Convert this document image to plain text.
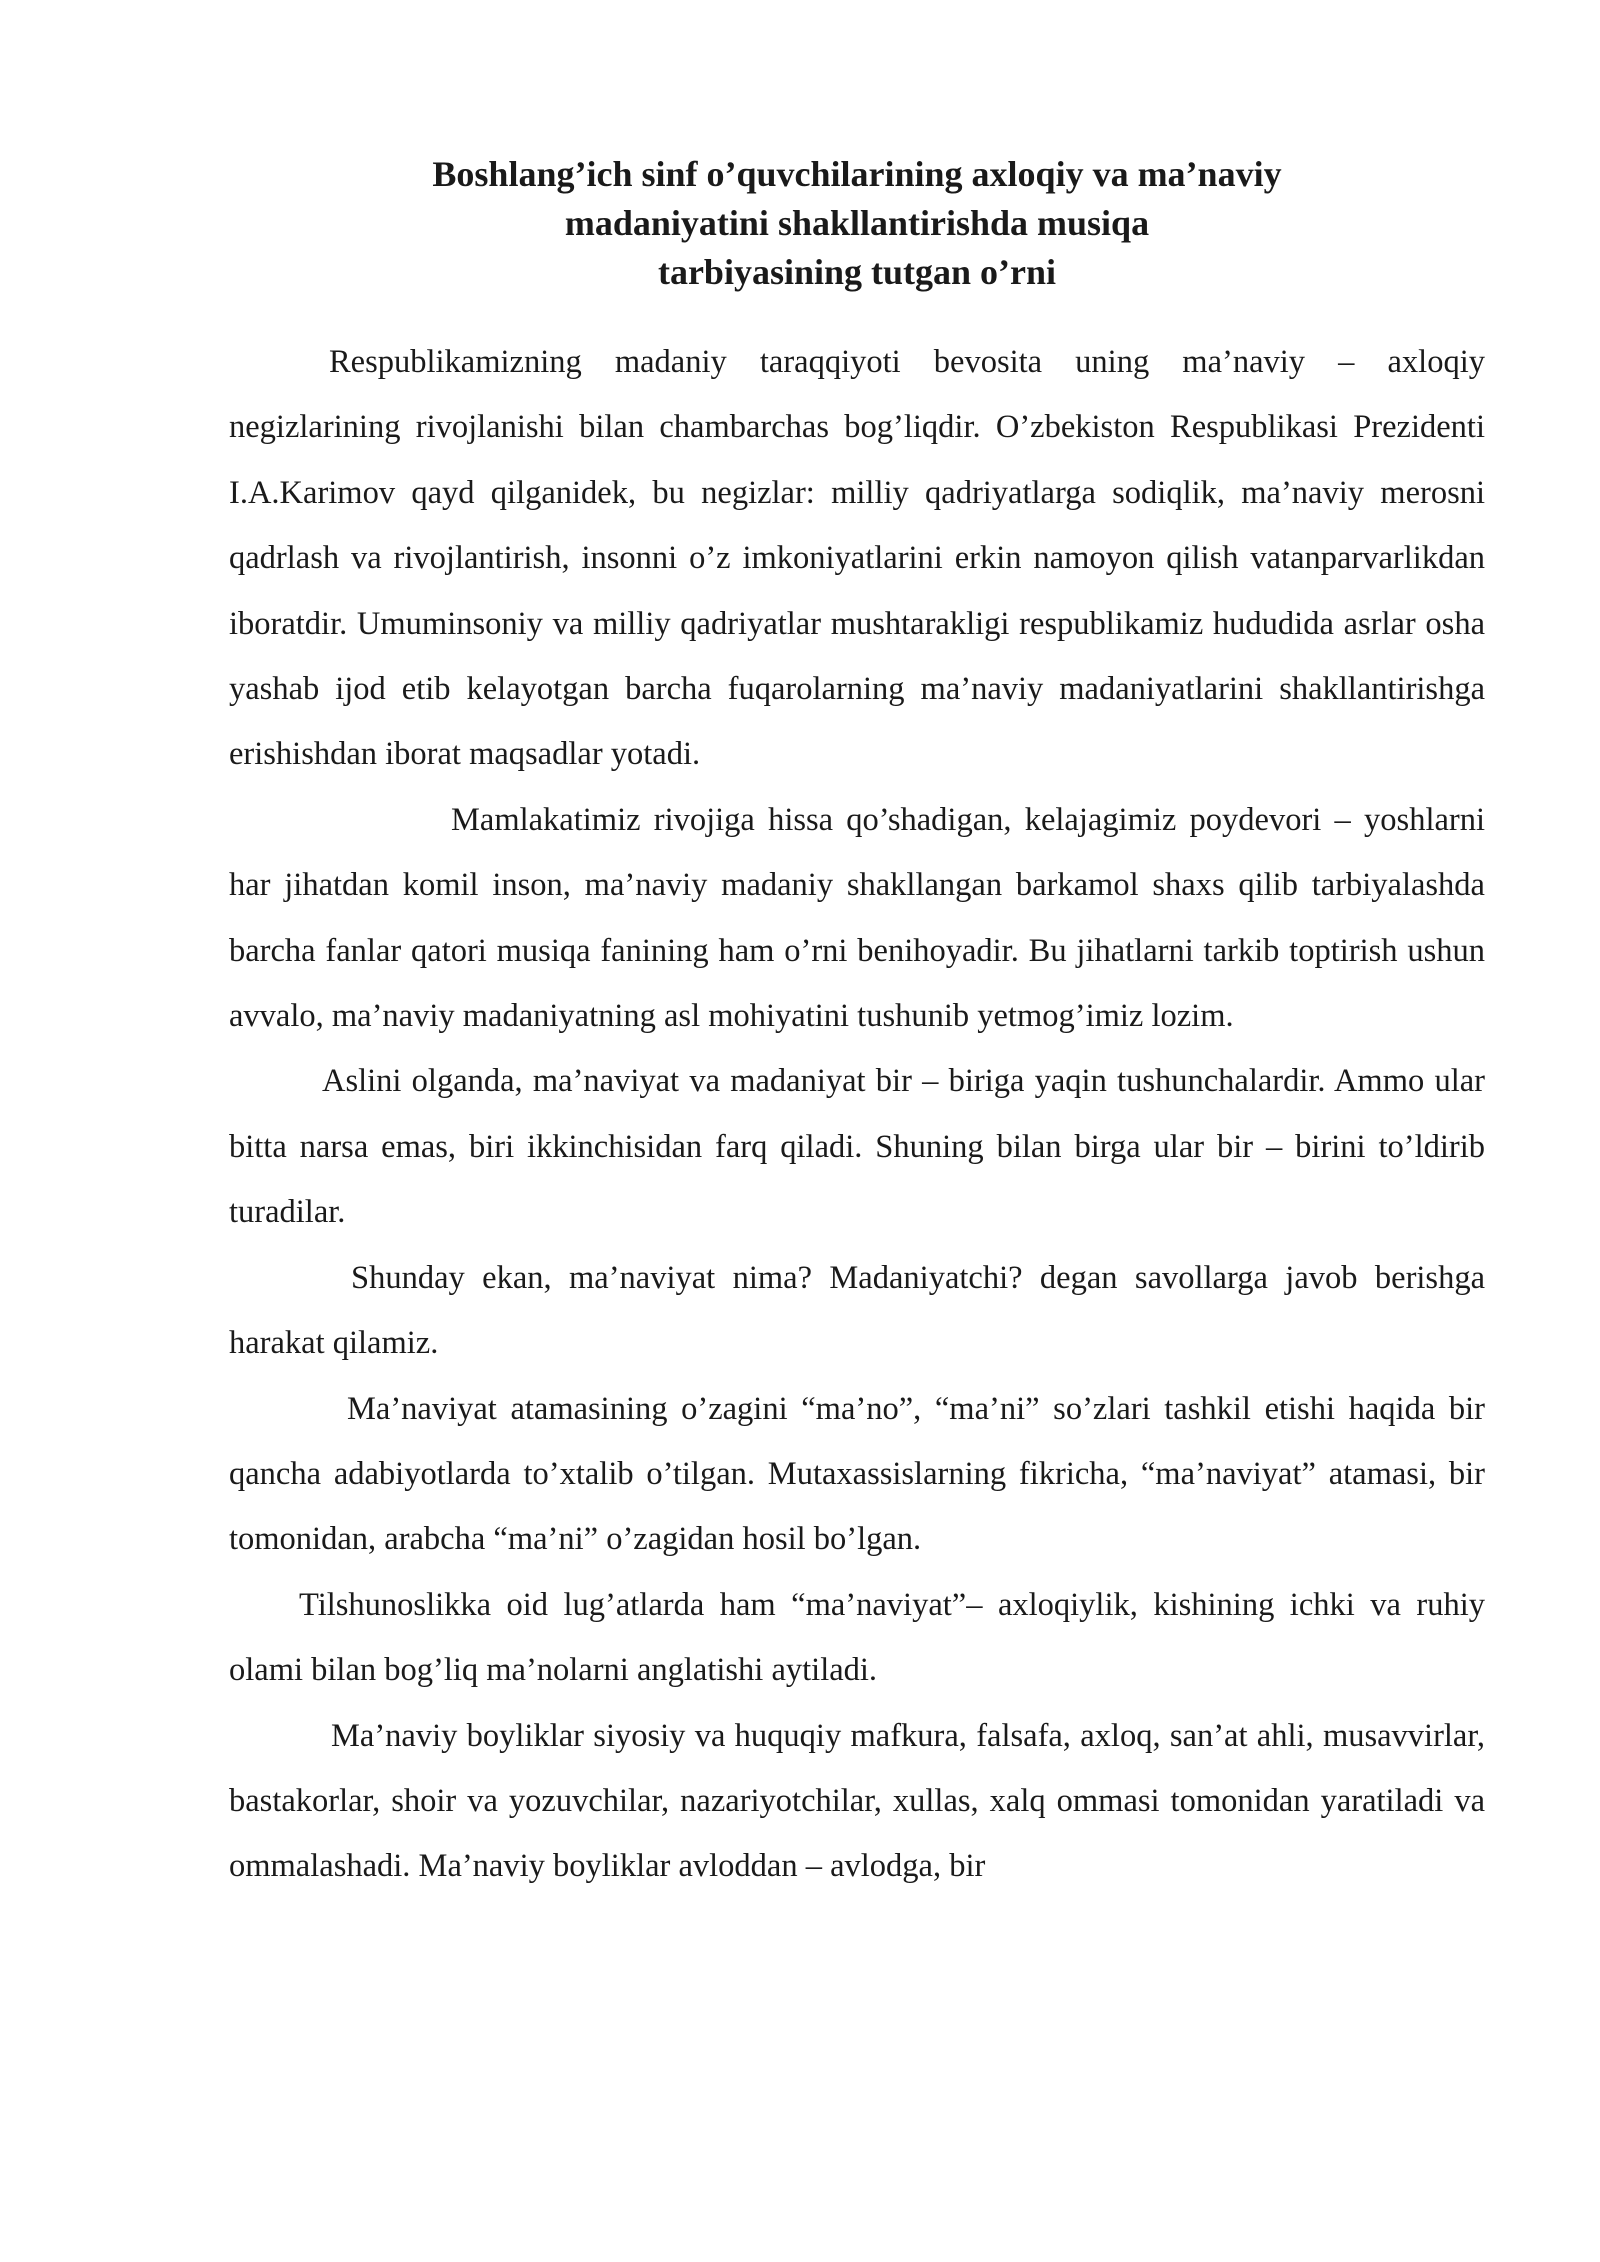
Boshlang’ich sinf o’quvchilarining axloqiy va ma’naviy
madaniyatini shakllantirishda musiqa
tarbiyasining tutgan o’rni

Respublikamizning madaniy taraqqiyoti bevosita uning ma’naviy – axloqiy negizlarining rivojlanishi bilan chambarchas bog’liqdir. O’zbekiston Respublikasi Prezidenti I.A.Karimov qayd qilganidek, bu negizlar: milliy qadriyatlarga sodiqlik, ma’naviy merosni qadrlash va rivojlantirish, insonni o’z imkoniyatlarini erkin namoyon qilish vatanparvarlikdan iboratdir. Umuminsoniy va milliy qadriyatlar mushtarakligi respublikamiz hududida asrlar osha yashab ijod etib kelayotgan barcha fuqarolarning ma’naviy madaniyatlarini shakllantirishga erishishdan iborat maqsadlar yotadi.

Mamlakatimiz rivojiga hissa qo’shadigan, kelajagimiz poydevori – yoshlarni har jihatdan komil inson, ma’naviy madaniy shakllangan barkamol shaxs qilib tarbiyalashda barcha fanlar qatori musiqa fanining ham o’rni benihoyadir. Bu jihatlarni tarkib toptirish ushun avvalo, ma’naviy madaniyatning asl mohiyatini tushunib yetmog’imiz lozim.

Aslini olganda, ma’naviyat va madaniyat bir – biriga yaqin tushunchalardir. Ammo ular bitta narsa emas, biri ikkinchisidan farq qiladi. Shuning bilan birga ular bir – birini to’ldirib turadilar.

Shunday ekan, ma’naviyat nima? Madaniyatchi? degan savollarga javob berishga harakat qilamiz.

Ma’naviyat atamasining o’zagini “ma’no”, “ma’ni” so’zlari tashkil etishi haqida bir qancha adabiyotlarda to’xtalib o’tilgan. Mutaxassislarning fikricha, “ma’naviyat” atamasi, bir tomonidan, arabcha “ma’ni” o’zagidan hosil bo’lgan.

Tilshunoslikka oid lug’atlarda ham “ma’naviyat”– axloqiylik, kishining ichki va ruhiy olami bilan bog’liq ma’nolarni anglatishi aytiladi.

Ma’naviy boyliklar siyosiy va huquqiy mafkura, falsafa, axloq, san’at ahli, musavvirlar, bastakorlar, shoir va yozuvchilar, nazariyotchilar, xullas, xalq ommasi tomonidan yaratiladi va ommalashadi. Ma’naviy boyliklar avloddan – avlodga, bir
